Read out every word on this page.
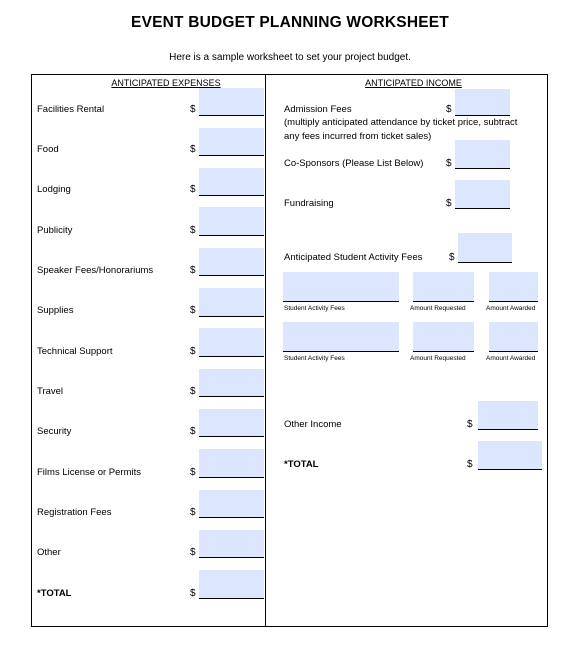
EVENT BUDGET PLANNING WORKSHEET
Here is a sample worksheet to set your project budget.
ANTICIPATED EXPENSES	ANTICIPATED INCOME
Facilities Rental	$
Food	$
Lodging	$
Publicity	$
Speaker Fees/Honorariums	$
Supplies	$
Technical Support	$
Travel	$
Security	$
Films License or Permits	$
Registration Fees	$
Other	$
*TOTAL	$
Admission Fees	$
(multiply anticipated attendance by ticket price, subtract
any fees incurred from ticket sales)
Co-Sponsors (Please List Below) $
Fundraising	$
Anticipated Student Activity Fees	$
Student Activity Fees	Amount Requested	Amount Awarded
Student Activity Fees	Amount Requested	Amount Awarded
Other Income	$
*TOTAL	$
